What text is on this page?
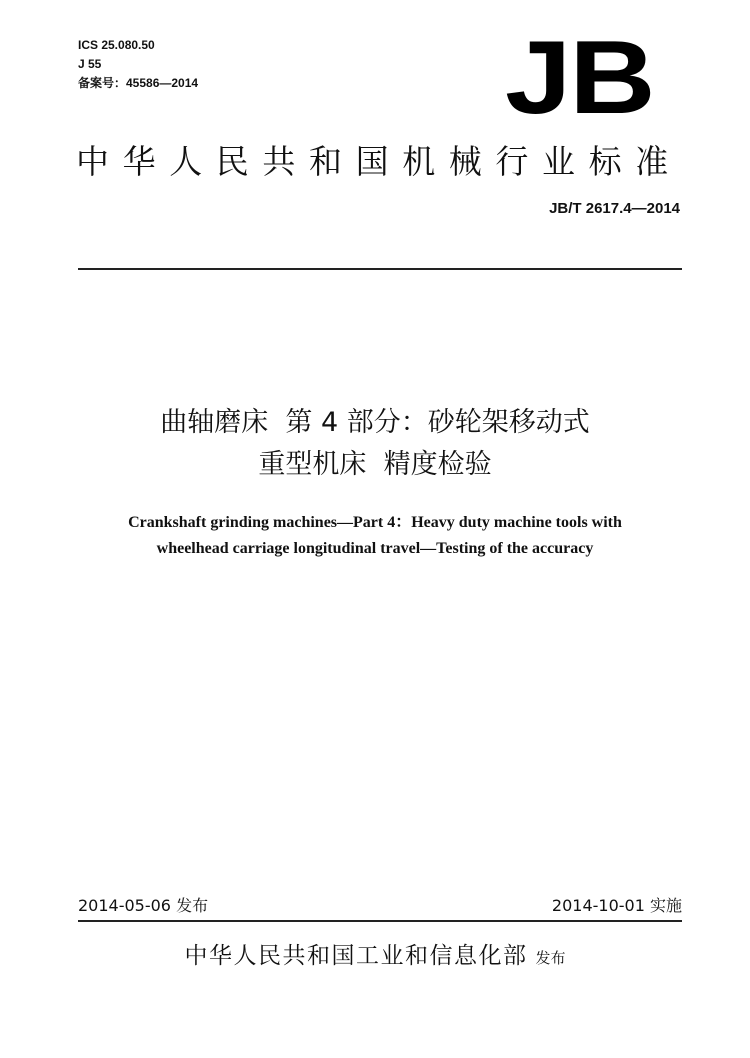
ICS 25.080.50
J 55
备案号：45586—2014	JB
中华人民共和国机械行业标准
JB/T 2617.4—2014
曲轴磨床  第 4 部分：砂轮架移动式
重型机床  精度检验
Crankshaft grinding machines—Part 4：Heavy duty machine tools with
wheelhead carriage longitudinal travel—Testing of the accuracy
2014-05-06 发布	2014-10-01 实施
中华人民共和国工业和信息化部 发布
